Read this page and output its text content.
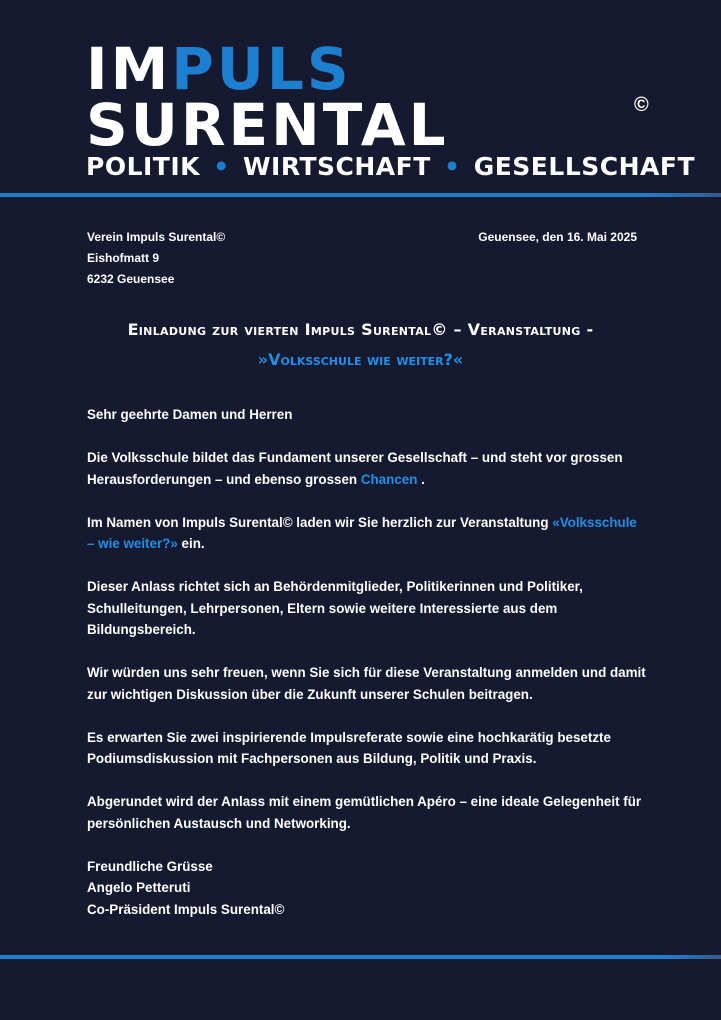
IMPULS
SURENTAL	©
POLITIK • WIRTSCHAFT • GESELLSCHAFT
Verein Impuls Surental©
Eishofmatt 9
6232 Geuensee
Geuensee, den 16. Mai 2025
Einladung zur vierten Impuls Surental© – Veranstaltung -
»Volksschule wie weiter?«

Sehr geehrte Damen und Herren

Die Volksschule bildet das Fundament unserer Gesellschaft – und steht vor grossen Herausforderungen – und ebenso grossen Chancen .

Im Namen von Impuls Surental© laden wir Sie herzlich zur Veranstaltung «Volksschule – wie weiter?» ein.

Dieser Anlass richtet sich an Behördenmitglieder, Politikerinnen und Politiker, Schulleitungen, Lehrpersonen, Eltern sowie weitere Interessierte aus dem Bildungsbereich.

Wir würden uns sehr freuen, wenn Sie sich für diese Veranstaltung anmelden und damit zur wichtigen Diskussion über die Zukunft unserer Schulen beitragen.

Es erwarten Sie zwei inspirierende Impulsreferate sowie eine hochkarätig besetzte Podiumsdiskussion mit Fachpersonen aus Bildung, Politik und Praxis.

Abgerundet wird der Anlass mit einem gemütlichen Apéro – eine ideale Gelegenheit für persönlichen Austausch und Networking.

Freundliche Grüsse

Angelo Petteruti

Co-Präsident Impuls Surental©
